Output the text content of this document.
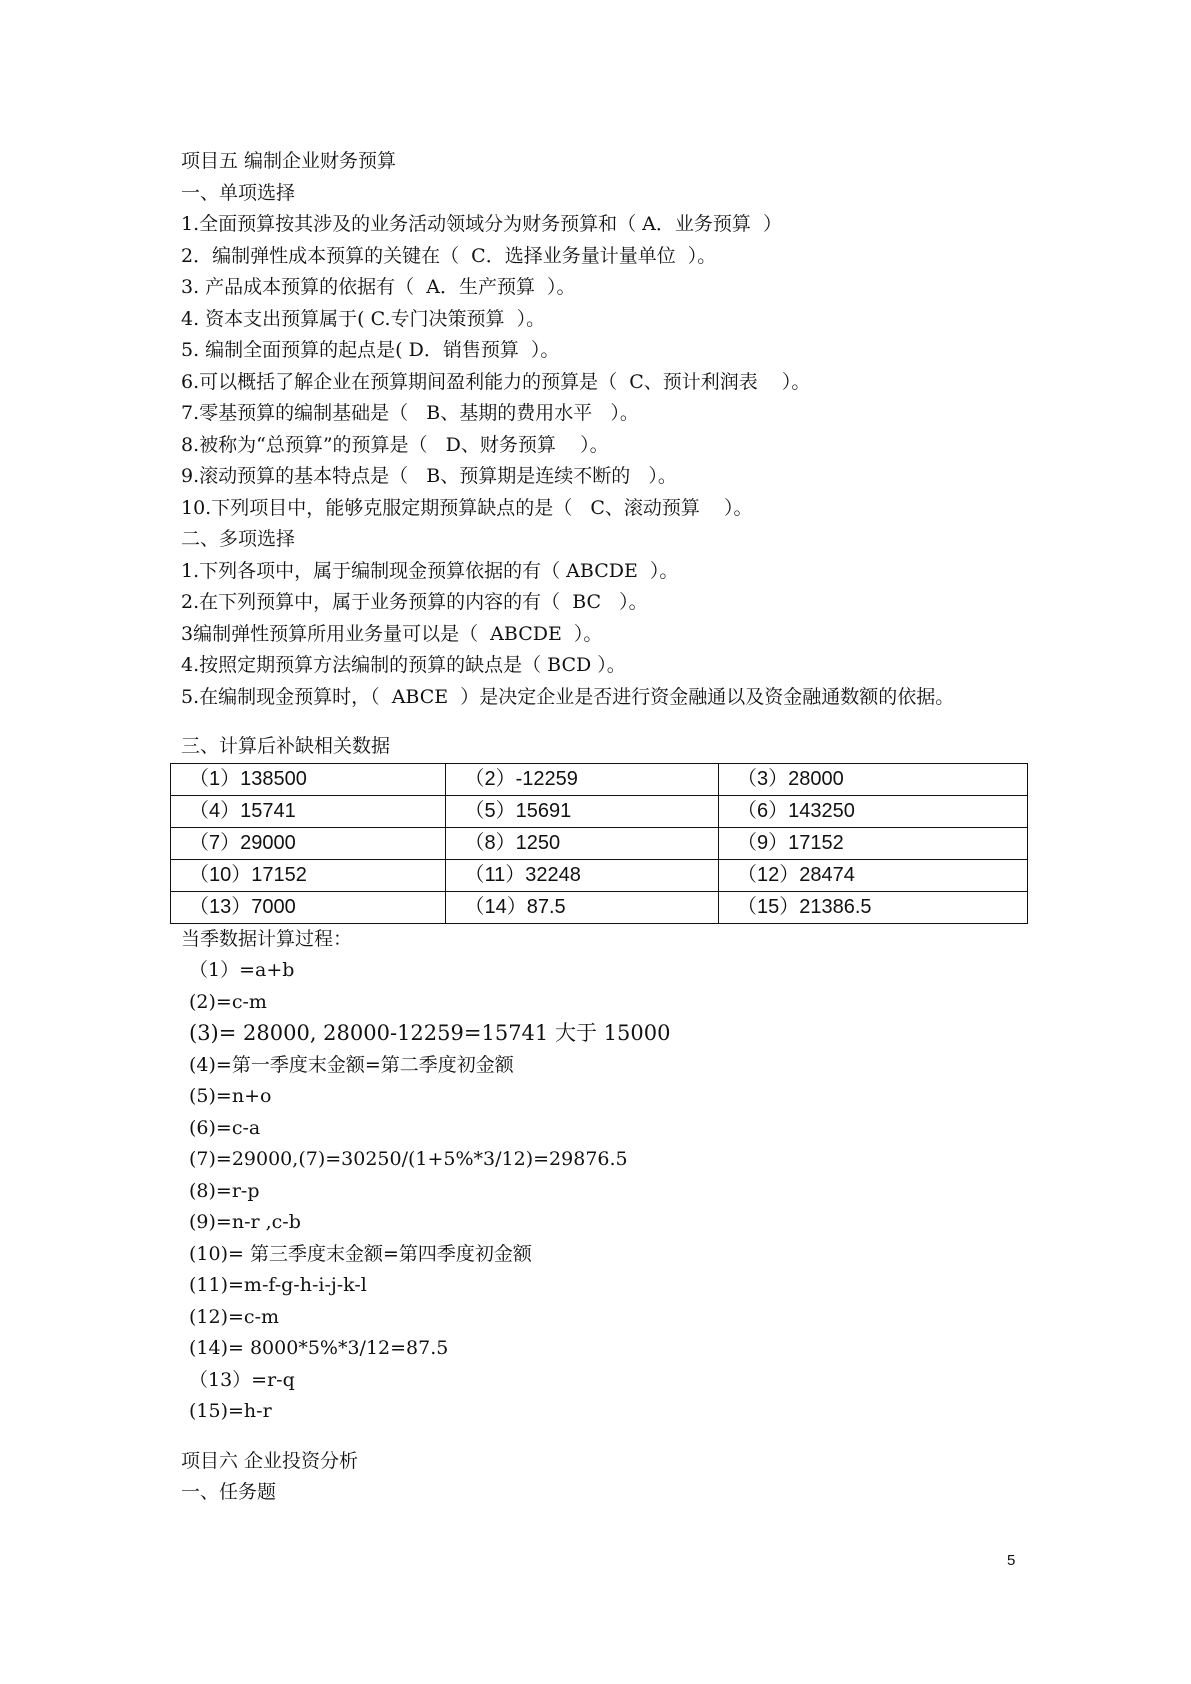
项目五 编制企业财务预算
一、单项选择
1.全面预算按其涉及的业务活动领域分为财务预算和（ A．业务预算  ）
2．编制弹性成本预算的关键在（  C．选择业务量计量单位  ）。
3. 产品成本预算的依据有（  A．生产预算  ）。
4. 资本支出预算属于( C.专门决策预算  ）。
5. 编制全面预算的起点是( D．销售预算  ）。
6.可以概括了解企业在预算期间盈利能力的预算是（  C、预计利润表    ）。
7.零基预算的编制基础是（   B、基期的费用水平   ）。
8.被称为“总预算”的预算是（   D、财务预算    ）。
9.滚动预算的基本特点是（   B、预算期是连续不断的   ）。
10.下列项目中，能够克服定期预算缺点的是（   C、滚动预算    ）。
二、多项选择
1.下列各项中，属于编制现金预算依据的有（ ABCDE  ）。
2.在下列预算中，属于业务预算的内容的有（  BC   ）。
3编制弹性预算所用业务量可以是（  ABCDE  ）。
4.按照定期预算方法编制的预算的缺点是（ BCD ）。
5.在编制现金预算时，（  ABCE  ）是决定企业是否进行资金融通以及资金融通数额的依据。
三、计算后补缺相关数据
（1）138500	（2）-12259	（3）28000
（4）15741	（5）15691	（6）143250
（7）29000	（8）1250	（9）17152
（10）17152	（11）32248	（12）28474
（13）7000	（14）87.5	（15）21386.5
当季数据计算过程：
（1）=a+b
(2)=c-m
(3)= 28000, 28000-12259=15741 大于 15000
(4)=第一季度末金额=第二季度初金额
(5)=n+o
(6)=c-a
(7)=29000,(7)=30250/(1+5%*3/12)=29876.5
(8)=r-p
(9)=n-r ,c-b
(10)= 第三季度末金额=第四季度初金额
(11)=m-f-g-h-i-j-k-l
(12)=c-m
(14)= 8000*5%*3/12=87.5
（13）=r-q
(15)=h-r
项目六 企业投资分析
一、任务题
5
